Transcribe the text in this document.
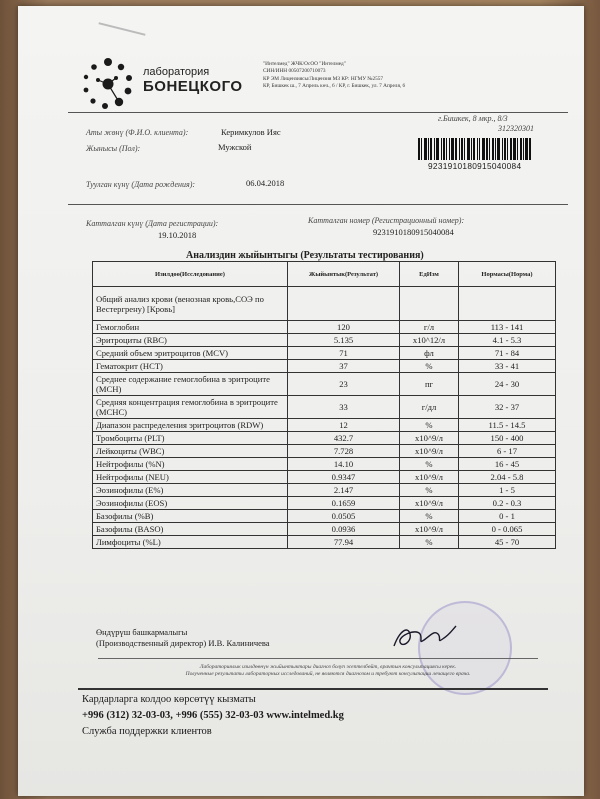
лаборатория
БОНЕЦКОГО
"Интелмед" ЖЧК/ОсОО "Интелмед"
СИН/ИНН 00507200710073
КР ЭМ Лицензиясы/Лицензия МЗ КР: НГМУ №2557
КР, Бишкек ш., 7 Апрель көч., 6 / КР, г. Бишкек, ул. 7 Апреля, 6
г.Бишкек, 8 мкр., 8/3
312320301
Аты жөнү (Ф.И.О. клиента):	Керимкулов Ияс
Жынысы (Пол):	Мужской
9231910180915040084
Туулган күнү (Дата рождения):	06.04.2018
Катталган күнү (Дата регистрации):
19.10.2018
Катталган номер (Регистрационный номер):
9231910180915040084
Анализдин жыйынтыгы (Результаты тестирования)
Изилдөө(Исследование)	Жыйынтык(Результат)	ЕдИзм	Нормасы(Норма)
Общий анализ крови (венозная кровь,СОЭ по Вестергрену) [Кровь]			
Гемоглобин	120	г/л	113 - 141
Эритроциты (RBC)	5.135	x10^12/л	4.1 - 5.3
Средний объем эритроцитов (MCV)	71	фл	71 - 84
Гематокрит (HCT)	37	%	33 - 41
Среднее содержание гемоглобина в эритроците (MCH)	23	пг	24 - 30
Средняя концентрация гемоглобина в эритроците (MCHC)	33	г/дл	32 - 37
Диапазон распределения эритроцитов (RDW)	12	%	11.5 - 14.5
Тромбоциты (PLT)	432.7	x10^9/л	150 - 400
Лейкоциты (WBC)	7.728	x10^9/л	6 - 17
Нейтрофилы (%N)	14.10	%	16 - 45
Нейтрофилы (NEU)	0.9347	x10^9/л	2.04 - 5.8
Эозинофилы (E%)	2.147	%	1 - 5
Эозинофилы (EOS)	0.1659	x10^9/л	0.2 - 0.3
Базофилы (%B)	0.0505	%	0 - 1
Базофилы (BASO)	0.0936	x10^9/л	0 - 0.065
Лимфоциты (%L)	77.94	%	45 - 70
Өндүрүш башкармалыгы
(Производственный директор) И.В. Калиничева
Лабораториялык изилдөөнүн жыйынтыктары диагноз болуп эсептелбөйт, врачтын консультациясы керек.
Полученные результаты лабораторных исследований, не являются диагнозом и требуют консультации лечащего врача.
Кардарларга колдоо көрсөтүү кызматы
+996 (312) 32-03-03, +996 (555) 32-03-03 www.intelmed.kg
Служба поддержки клиентов
